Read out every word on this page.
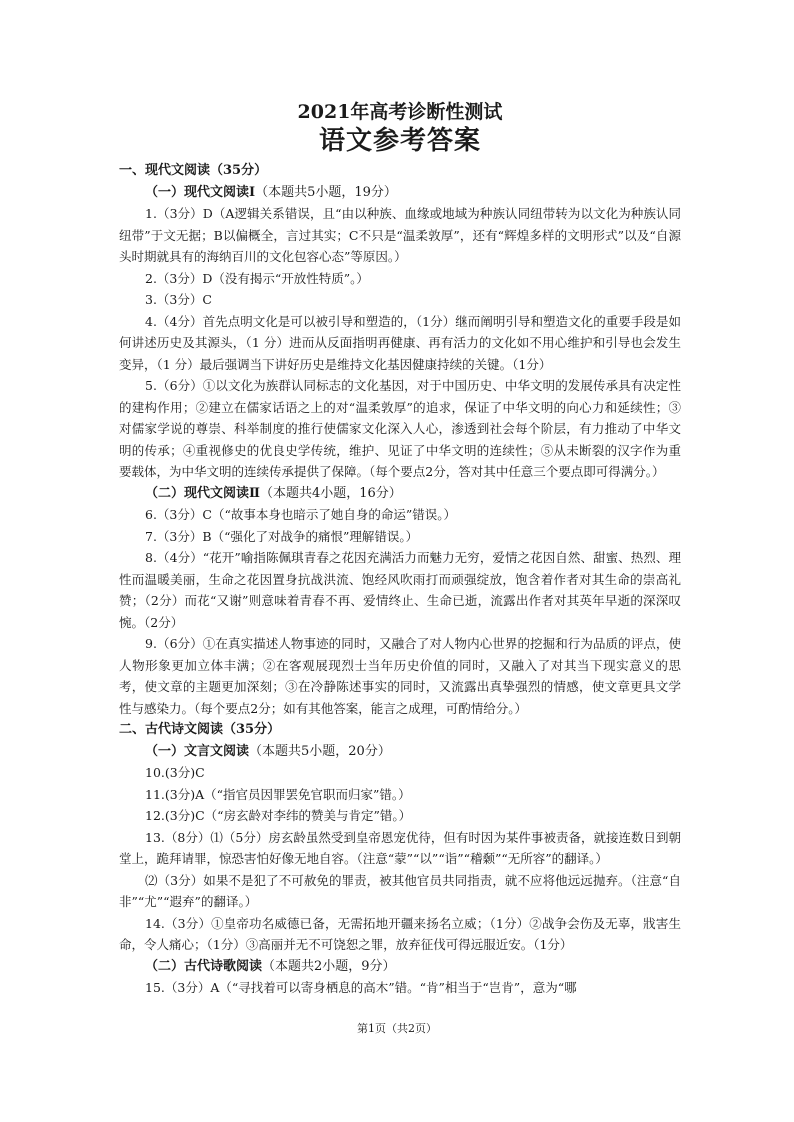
2021年高考诊断性测试
语文参考答案
一、现代文阅读（35分）
（一）现代文阅读Ⅰ（本题共5小题，19分）

1.（3分）D（A逻辑关系错误，且“由以种族、血缘或地域为种族认同纽带转为以文化为种族认同纽带”于文无据；B以偏概全，言过其实；C不只是“温柔敦厚”，还有“辉煌多样的文明形式”以及“自源头时期就具有的海纳百川的文化包容心态”等原因。）

2.（3分）D（没有揭示“开放性特质”。）

3.（3分）C

4.（4分）首先点明文化是可以被引导和塑造的，（1分）继而阐明引导和塑造文化的重要手段是如何讲述历史及其源头，（1 分）进而从反面指明再健康、再有活力的文化如不用心维护和引导也会发生变异，（1 分）最后强调当下讲好历史是维持文化基因健康持续的关键。（1分）

5.（6分）①以文化为族群认同标志的文化基因，对于中国历史、中华文明的发展传承具有决定性的建构作用；②建立在儒家话语之上的对“温柔敦厚”的追求，保证了中华文明的向心力和延续性；③对儒家学说的尊崇、科举制度的推行使儒家文化深入人心，渗透到社会每个阶层，有力推动了中华文明的传承；④重视修史的优良史学传统，维护、见证了中华文明的连续性；⑤从未断裂的汉字作为重要载体，为中华文明的连续传承提供了保障。（每个要点2分，答对其中任意三个要点即可得满分。）

（二）现代文阅读Ⅱ（本题共4小题，16分）

6.（3分）C（“故事本身也暗示了她自身的命运”错误。）

7.（3分）B（“强化了对战争的痛恨”理解错误。）

8.（4分）“花开”喻指陈佩琪青春之花因充满活力而魅力无穷，爱情之花因自然、甜蜜、热烈、理性而温暖美丽，生命之花因置身抗战洪流、饱经风吹雨打而顽强绽放，饱含着作者对其生命的崇高礼赞；（2分）而花“又谢”则意味着青春不再、爱情终止、生命已逝，流露出作者对其英年早逝的深深叹惋。（2分）

9.（6分）①在真实描述人物事迹的同时，又融合了对人物内心世界的挖掘和行为品质的评点，使人物形象更加立体丰满；②在客观展现烈士当年历史价值的同时，又融入了对其当下现实意义的思考，使文章的主题更加深刻；③在冷静陈述事实的同时，又流露出真挚强烈的情感，使文章更具文学性与感染力。（每个要点2分；如有其他答案，能言之成理，可酌情给分。）

二、古代诗文阅读（35分）
（一）文言文阅读（本题共5小题，20分）

10.(3分)C

11.(3分)A（“指官员因罪罢免官职而归家”错。）

12.(3分)C（“房玄龄对李纬的赞美与肯定”错。）

13.（8分）⑴（5分）房玄龄虽然受到皇帝恩宠优待，但有时因为某件事被责备，就接连数日到朝堂上，跪拜请罪，惊恐害怕好像无地自容。（注意“蒙”“以”“诣”“稽颡”“无所容”的翻译。）

⑵（3分）如果不是犯了不可赦免的罪责，被其他官员共同指责，就不应将他远远抛弃。（注意“自非”“尤”“遐弃”的翻译。）

14.（3分）①皇帝功名威德已备，无需拓地开疆来扬名立威；（1分）②战争会伤及无辜，戕害生命，令人痛心；（1分）③高丽并无不可饶恕之罪，放弃征伐可得远服近安。（1分）

（二）古代诗歌阅读（本题共2小题，9分）

15.（3分）A（“寻找着可以寄身栖息的高木”错。“肯”相当于“岂肯”，意为“哪

第1页（共2页）
